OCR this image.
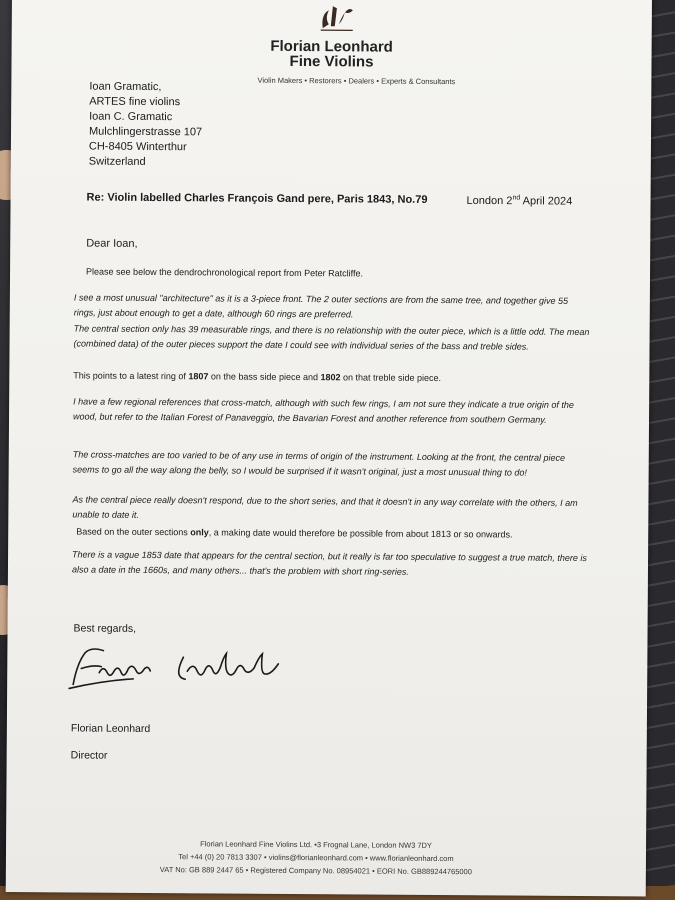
Florian Leonhard
Fine Violins
Violin Makers • Restorers • Dealers • Experts & Consultants
Ioan Gramatic,
ARTES fine violins
Ioan C. Gramatic
Mulchlingerstrasse 107
CH-8405 Winterthur
Switzerland
Re: Violin labelled Charles François Gand pere, Paris 1843, No.79	London 2nd April 2024
Dear Ioan,
Please see below the dendrochronological report from Peter Ratcliffe.
I see a most unusual "architecture" as it is a 3-piece front. The 2 outer sections are from the same tree, and together give 55 rings, just about enough to get a date, although 60 rings are preferred.
The central section only has 39 measurable rings, and there is no relationship with the outer piece, which is a little odd. The mean (combined data) of the outer pieces support the date I could see with individual series of the bass and treble sides.
This points to a latest ring of 1807 on the bass side piece and 1802 on that treble side piece.
I have a few regional references that cross-match, although with such few rings, I am not sure they indicate a true origin of the wood, but refer to the Italian Forest of Panaveggio, the Bavarian Forest and another reference from southern Germany.
The cross-matches are too varied to be of any use in terms of origin of the instrument. Looking at the front, the central piece seems to go all the way along the belly, so I would be surprised if it wasn't original, just a most unusual thing to do!
As the central piece really doesn't respond, due to the short series, and that it doesn't in any way correlate with the others, I am unable to date it.
Based on the outer sections only, a making date would therefore be possible from about 1813 or so onwards.
There is a vague 1853 date that appears for the central section, but it really is far too speculative to suggest a true match, there is also a date in the 1660s, and many others... that's the problem with short ring-series.
Best regards,
Florian Leonhard
Director
Florian Leonhard Fine Violins Ltd. •3 Frognal Lane, London NW3 7DY
Tel +44 (0) 20 7813 3307 • violins@florianleonhard.com • www.florianleonhard.com
VAT No: GB 889 2447 65 • Registered Company No. 08954021 • EORI No. GB889244765000
